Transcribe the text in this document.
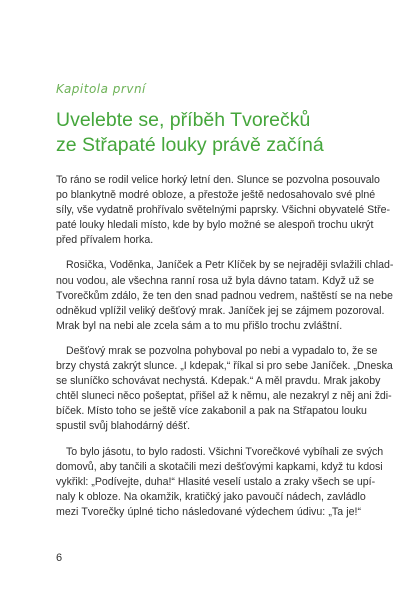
Kapitola první
Uvelebte se, příběh Tvorečků
ze Střapaté louky právě začíná

To ráno se rodil velice horký letní den. Slunce se pozvolna posouvalo
po blankytně modré obloze, a přestože ještě nedosahovalo své plné
síly, vše vydatně prohřívalo světelnými paprsky. Všichni obyvatelé Stře-
paté louky hledali místo, kde by bylo možné se alespoň trochu ukrýt
před přívalem horka.

Rosička, Voděnka, Janíček a Petr Klíček by se nejraději svlažili chlad-
nou vodou, ale všechna ranní rosa už byla dávno tatam. Když už se
Tvorečkům zdálo, že ten den snad padnou vedrem, naštěstí se na nebe
odněkud vplížil veliký dešťový mrak. Janíček jej se zájmem pozoroval.
Mrak byl na nebi ale zcela sám a to mu přišlo trochu zvláštní.

Dešťový mrak se pozvolna pohyboval po nebi a vypadalo to, že se
brzy chystá zakrýt slunce. „I kdepak,“ říkal si pro sebe Janíček. „Dneska
se sluníčko schovávat nechystá. Kdepak.“ A měl pravdu. Mrak jakoby
chtěl sluneci něco pošeptat, přišel až k němu, ale nezakryl z něj ani ždi-
bíček. Místo toho se ještě více zakabonil a pak na Střapatou louku
spustil svůj blahodárný déšť.

To bylo jásotu, to bylo radosti. Všichni Tvorečkové vybíhali ze svých
domovů, aby tančili a skotačili mezi dešťovými kapkami, když tu kdosi
vykřikl: „Podívejte, duha!“ Hlasité veselí ustalo a zraky všech se upí-
naly k obloze. Na okamžik, kratičký jako pavoučí nádech, zavládlo
mezi Tvorečky úplné ticho následované výdechem údivu: „Ta je!“

6
